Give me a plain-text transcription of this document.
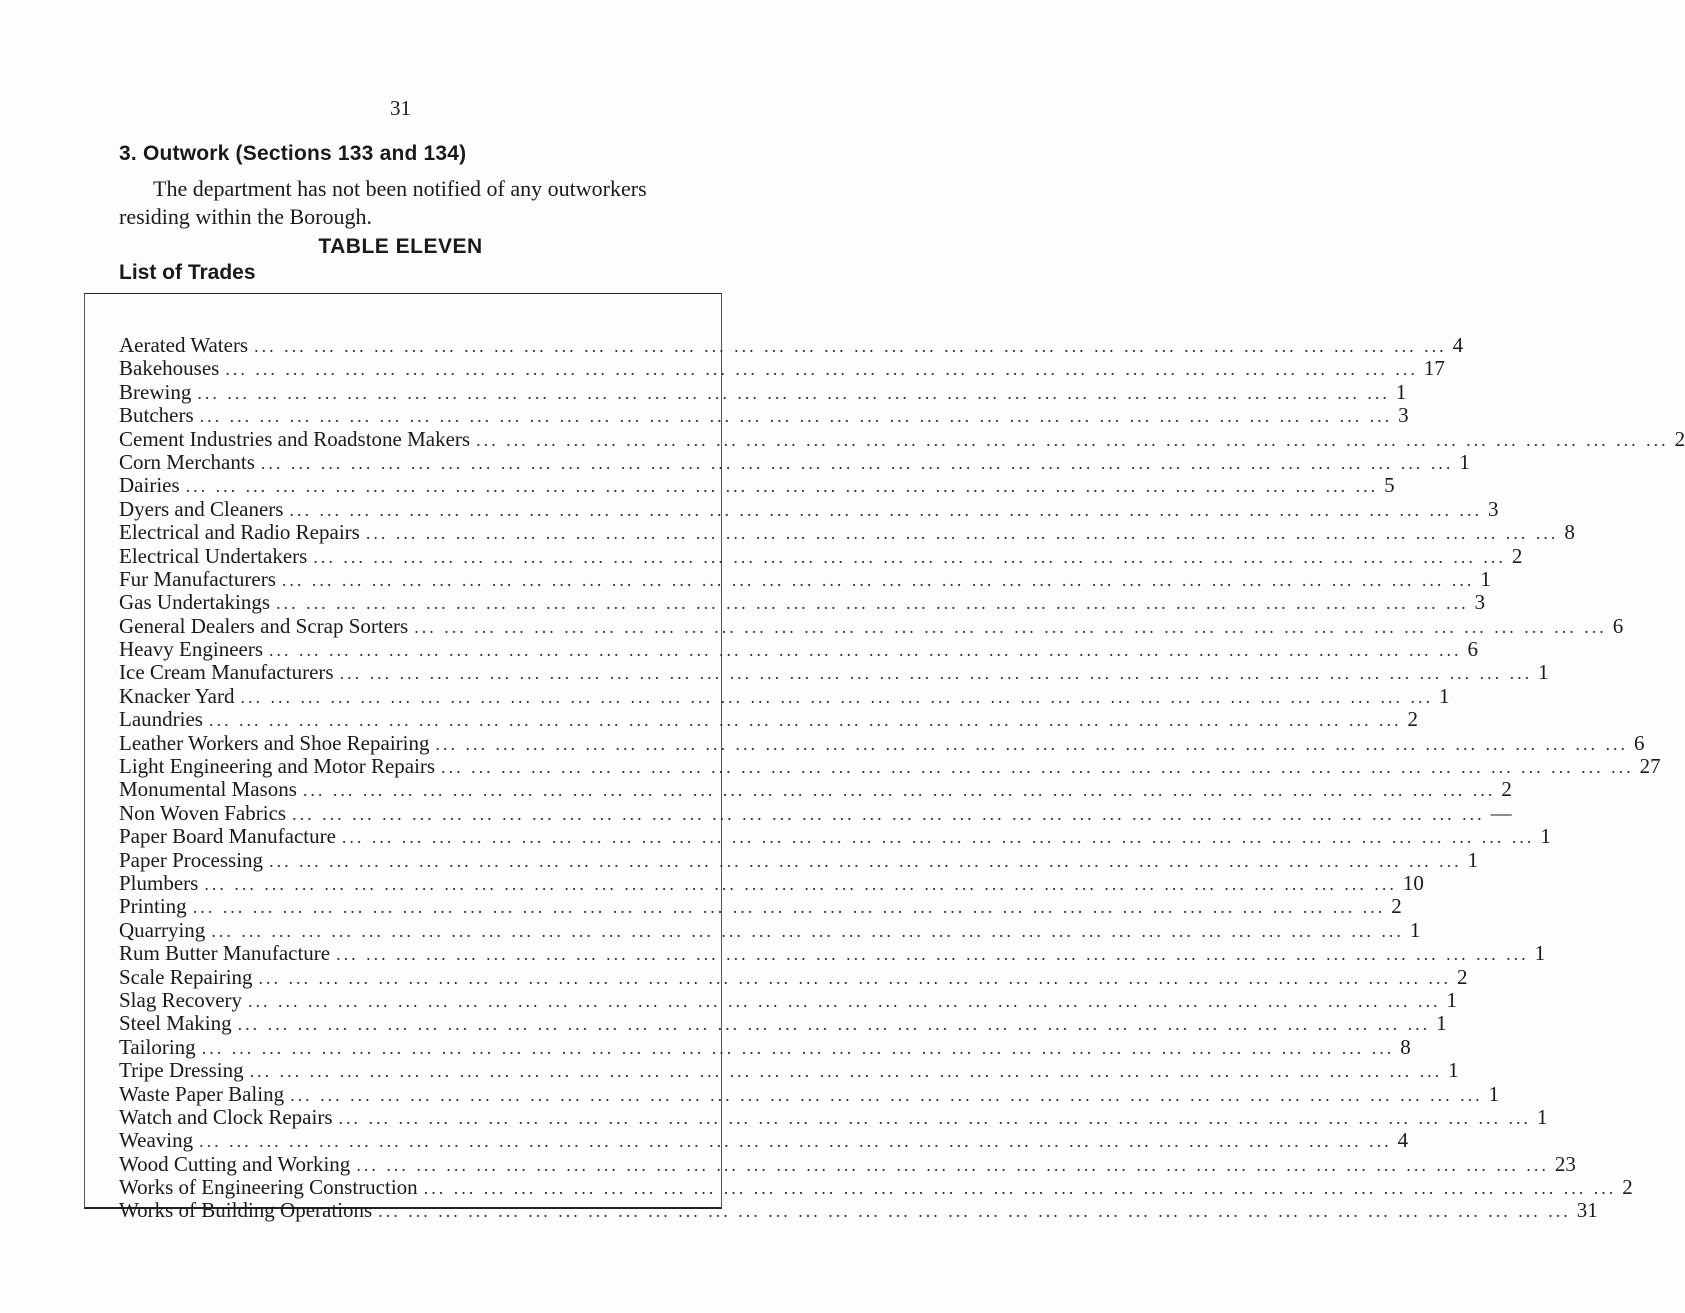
31
3. Outwork (Sections 133 and 134)
The department has not been notified of any outworkers residing within the Borough.
TABLE ELEVEN
List of Trades
Aerated Waters ... ... ... ... ... ... ... ... ... ... ... ... ... ... ... ... ... ... ... ... ... ... ... ... ... ... ... ... ... ... ... ... ... ... ... ... ... ... ... ... 4
Bakehouses ... ... ... ... ... ... ... ... ... ... ... ... ... ... ... ... ... ... ... ... ... ... ... ... ... ... ... ... ... ... ... ... ... ... ... ... ... ... ... ... 17
Brewing ... ... ... ... ... ... ... ... ... ... ... ... ... ... ... ... ... ... ... ... ... ... ... ... ... ... ... ... ... ... ... ... ... ... ... ... ... ... ... ... 1
Butchers ... ... ... ... ... ... ... ... ... ... ... ... ... ... ... ... ... ... ... ... ... ... ... ... ... ... ... ... ... ... ... ... ... ... ... ... ... ... ... ... 3
Cement Industries and Roadstone Makers ... ... ... ... ... ... ... ... ... ... ... ... ... ... ... ... ... ... ... ... ... ... ... ... ... ... ... ... ... ... ... ... ... ... ... ... ... ... ... ... 2
Corn Merchants ... ... ... ... ... ... ... ... ... ... ... ... ... ... ... ... ... ... ... ... ... ... ... ... ... ... ... ... ... ... ... ... ... ... ... ... ... ... ... ... 1
Dairies ... ... ... ... ... ... ... ... ... ... ... ... ... ... ... ... ... ... ... ... ... ... ... ... ... ... ... ... ... ... ... ... ... ... ... ... ... ... ... ... 5
Dyers and Cleaners ... ... ... ... ... ... ... ... ... ... ... ... ... ... ... ... ... ... ... ... ... ... ... ... ... ... ... ... ... ... ... ... ... ... ... ... ... ... ... ... 3
Electrical and Radio Repairs ... ... ... ... ... ... ... ... ... ... ... ... ... ... ... ... ... ... ... ... ... ... ... ... ... ... ... ... ... ... ... ... ... ... ... ... ... ... ... ... 8
Electrical Undertakers ... ... ... ... ... ... ... ... ... ... ... ... ... ... ... ... ... ... ... ... ... ... ... ... ... ... ... ... ... ... ... ... ... ... ... ... ... ... ... ... 2
Fur Manufacturers ... ... ... ... ... ... ... ... ... ... ... ... ... ... ... ... ... ... ... ... ... ... ... ... ... ... ... ... ... ... ... ... ... ... ... ... ... ... ... ... 1
Gas Undertakings ... ... ... ... ... ... ... ... ... ... ... ... ... ... ... ... ... ... ... ... ... ... ... ... ... ... ... ... ... ... ... ... ... ... ... ... ... ... ... ... 3
General Dealers and Scrap Sorters ... ... ... ... ... ... ... ... ... ... ... ... ... ... ... ... ... ... ... ... ... ... ... ... ... ... ... ... ... ... ... ... ... ... ... ... ... ... ... ... 6
Heavy Engineers ... ... ... ... ... ... ... ... ... ... ... ... ... ... ... ... ... ... ... ... ... ... ... ... ... ... ... ... ... ... ... ... ... ... ... ... ... ... ... ... 6
Ice Cream Manufacturers ... ... ... ... ... ... ... ... ... ... ... ... ... ... ... ... ... ... ... ... ... ... ... ... ... ... ... ... ... ... ... ... ... ... ... ... ... ... ... ... 1
Knacker Yard ... ... ... ... ... ... ... ... ... ... ... ... ... ... ... ... ... ... ... ... ... ... ... ... ... ... ... ... ... ... ... ... ... ... ... ... ... ... ... ... 1
Laundries ... ... ... ... ... ... ... ... ... ... ... ... ... ... ... ... ... ... ... ... ... ... ... ... ... ... ... ... ... ... ... ... ... ... ... ... ... ... ... ... 2
Leather Workers and Shoe Repairing ... ... ... ... ... ... ... ... ... ... ... ... ... ... ... ... ... ... ... ... ... ... ... ... ... ... ... ... ... ... ... ... ... ... ... ... ... ... ... ... 6
Light Engineering and Motor Repairs ... ... ... ... ... ... ... ... ... ... ... ... ... ... ... ... ... ... ... ... ... ... ... ... ... ... ... ... ... ... ... ... ... ... ... ... ... ... ... ... 27
Monumental Masons ... ... ... ... ... ... ... ... ... ... ... ... ... ... ... ... ... ... ... ... ... ... ... ... ... ... ... ... ... ... ... ... ... ... ... ... ... ... ... ... 2
Non Woven Fabrics ... ... ... ... ... ... ... ... ... ... ... ... ... ... ... ... ... ... ... ... ... ... ... ... ... ... ... ... ... ... ... ... ... ... ... ... ... ... ... ... —
Paper Board Manufacture ... ... ... ... ... ... ... ... ... ... ... ... ... ... ... ... ... ... ... ... ... ... ... ... ... ... ... ... ... ... ... ... ... ... ... ... ... ... ... ... 1
Paper Processing ... ... ... ... ... ... ... ... ... ... ... ... ... ... ... ... ... ... ... ... ... ... ... ... ... ... ... ... ... ... ... ... ... ... ... ... ... ... ... ... 1
Plumbers ... ... ... ... ... ... ... ... ... ... ... ... ... ... ... ... ... ... ... ... ... ... ... ... ... ... ... ... ... ... ... ... ... ... ... ... ... ... ... ... 10
Printing ... ... ... ... ... ... ... ... ... ... ... ... ... ... ... ... ... ... ... ... ... ... ... ... ... ... ... ... ... ... ... ... ... ... ... ... ... ... ... ... 2
Quarrying ... ... ... ... ... ... ... ... ... ... ... ... ... ... ... ... ... ... ... ... ... ... ... ... ... ... ... ... ... ... ... ... ... ... ... ... ... ... ... ... 1
Rum Butter Manufacture ... ... ... ... ... ... ... ... ... ... ... ... ... ... ... ... ... ... ... ... ... ... ... ... ... ... ... ... ... ... ... ... ... ... ... ... ... ... ... ... 1
Scale Repairing ... ... ... ... ... ... ... ... ... ... ... ... ... ... ... ... ... ... ... ... ... ... ... ... ... ... ... ... ... ... ... ... ... ... ... ... ... ... ... ... 2
Slag Recovery ... ... ... ... ... ... ... ... ... ... ... ... ... ... ... ... ... ... ... ... ... ... ... ... ... ... ... ... ... ... ... ... ... ... ... ... ... ... ... ... 1
Steel Making ... ... ... ... ... ... ... ... ... ... ... ... ... ... ... ... ... ... ... ... ... ... ... ... ... ... ... ... ... ... ... ... ... ... ... ... ... ... ... ... 1
Tailoring ... ... ... ... ... ... ... ... ... ... ... ... ... ... ... ... ... ... ... ... ... ... ... ... ... ... ... ... ... ... ... ... ... ... ... ... ... ... ... ... 8
Tripe Dressing ... ... ... ... ... ... ... ... ... ... ... ... ... ... ... ... ... ... ... ... ... ... ... ... ... ... ... ... ... ... ... ... ... ... ... ... ... ... ... ... 1
Waste Paper Baling ... ... ... ... ... ... ... ... ... ... ... ... ... ... ... ... ... ... ... ... ... ... ... ... ... ... ... ... ... ... ... ... ... ... ... ... ... ... ... ... 1
Watch and Clock Repairs ... ... ... ... ... ... ... ... ... ... ... ... ... ... ... ... ... ... ... ... ... ... ... ... ... ... ... ... ... ... ... ... ... ... ... ... ... ... ... ... 1
Weaving ... ... ... ... ... ... ... ... ... ... ... ... ... ... ... ... ... ... ... ... ... ... ... ... ... ... ... ... ... ... ... ... ... ... ... ... ... ... ... ... 4
Wood Cutting and Working ... ... ... ... ... ... ... ... ... ... ... ... ... ... ... ... ... ... ... ... ... ... ... ... ... ... ... ... ... ... ... ... ... ... ... ... ... ... ... ... 23
Works of Engineering Construction ... ... ... ... ... ... ... ... ... ... ... ... ... ... ... ... ... ... ... ... ... ... ... ... ... ... ... ... ... ... ... ... ... ... ... ... ... ... ... ... 2
Works of Building Operations ... ... ... ... ... ... ... ... ... ... ... ... ... ... ... ... ... ... ... ... ... ... ... ... ... ... ... ... ... ... ... ... ... ... ... ... ... ... ... ... 31
